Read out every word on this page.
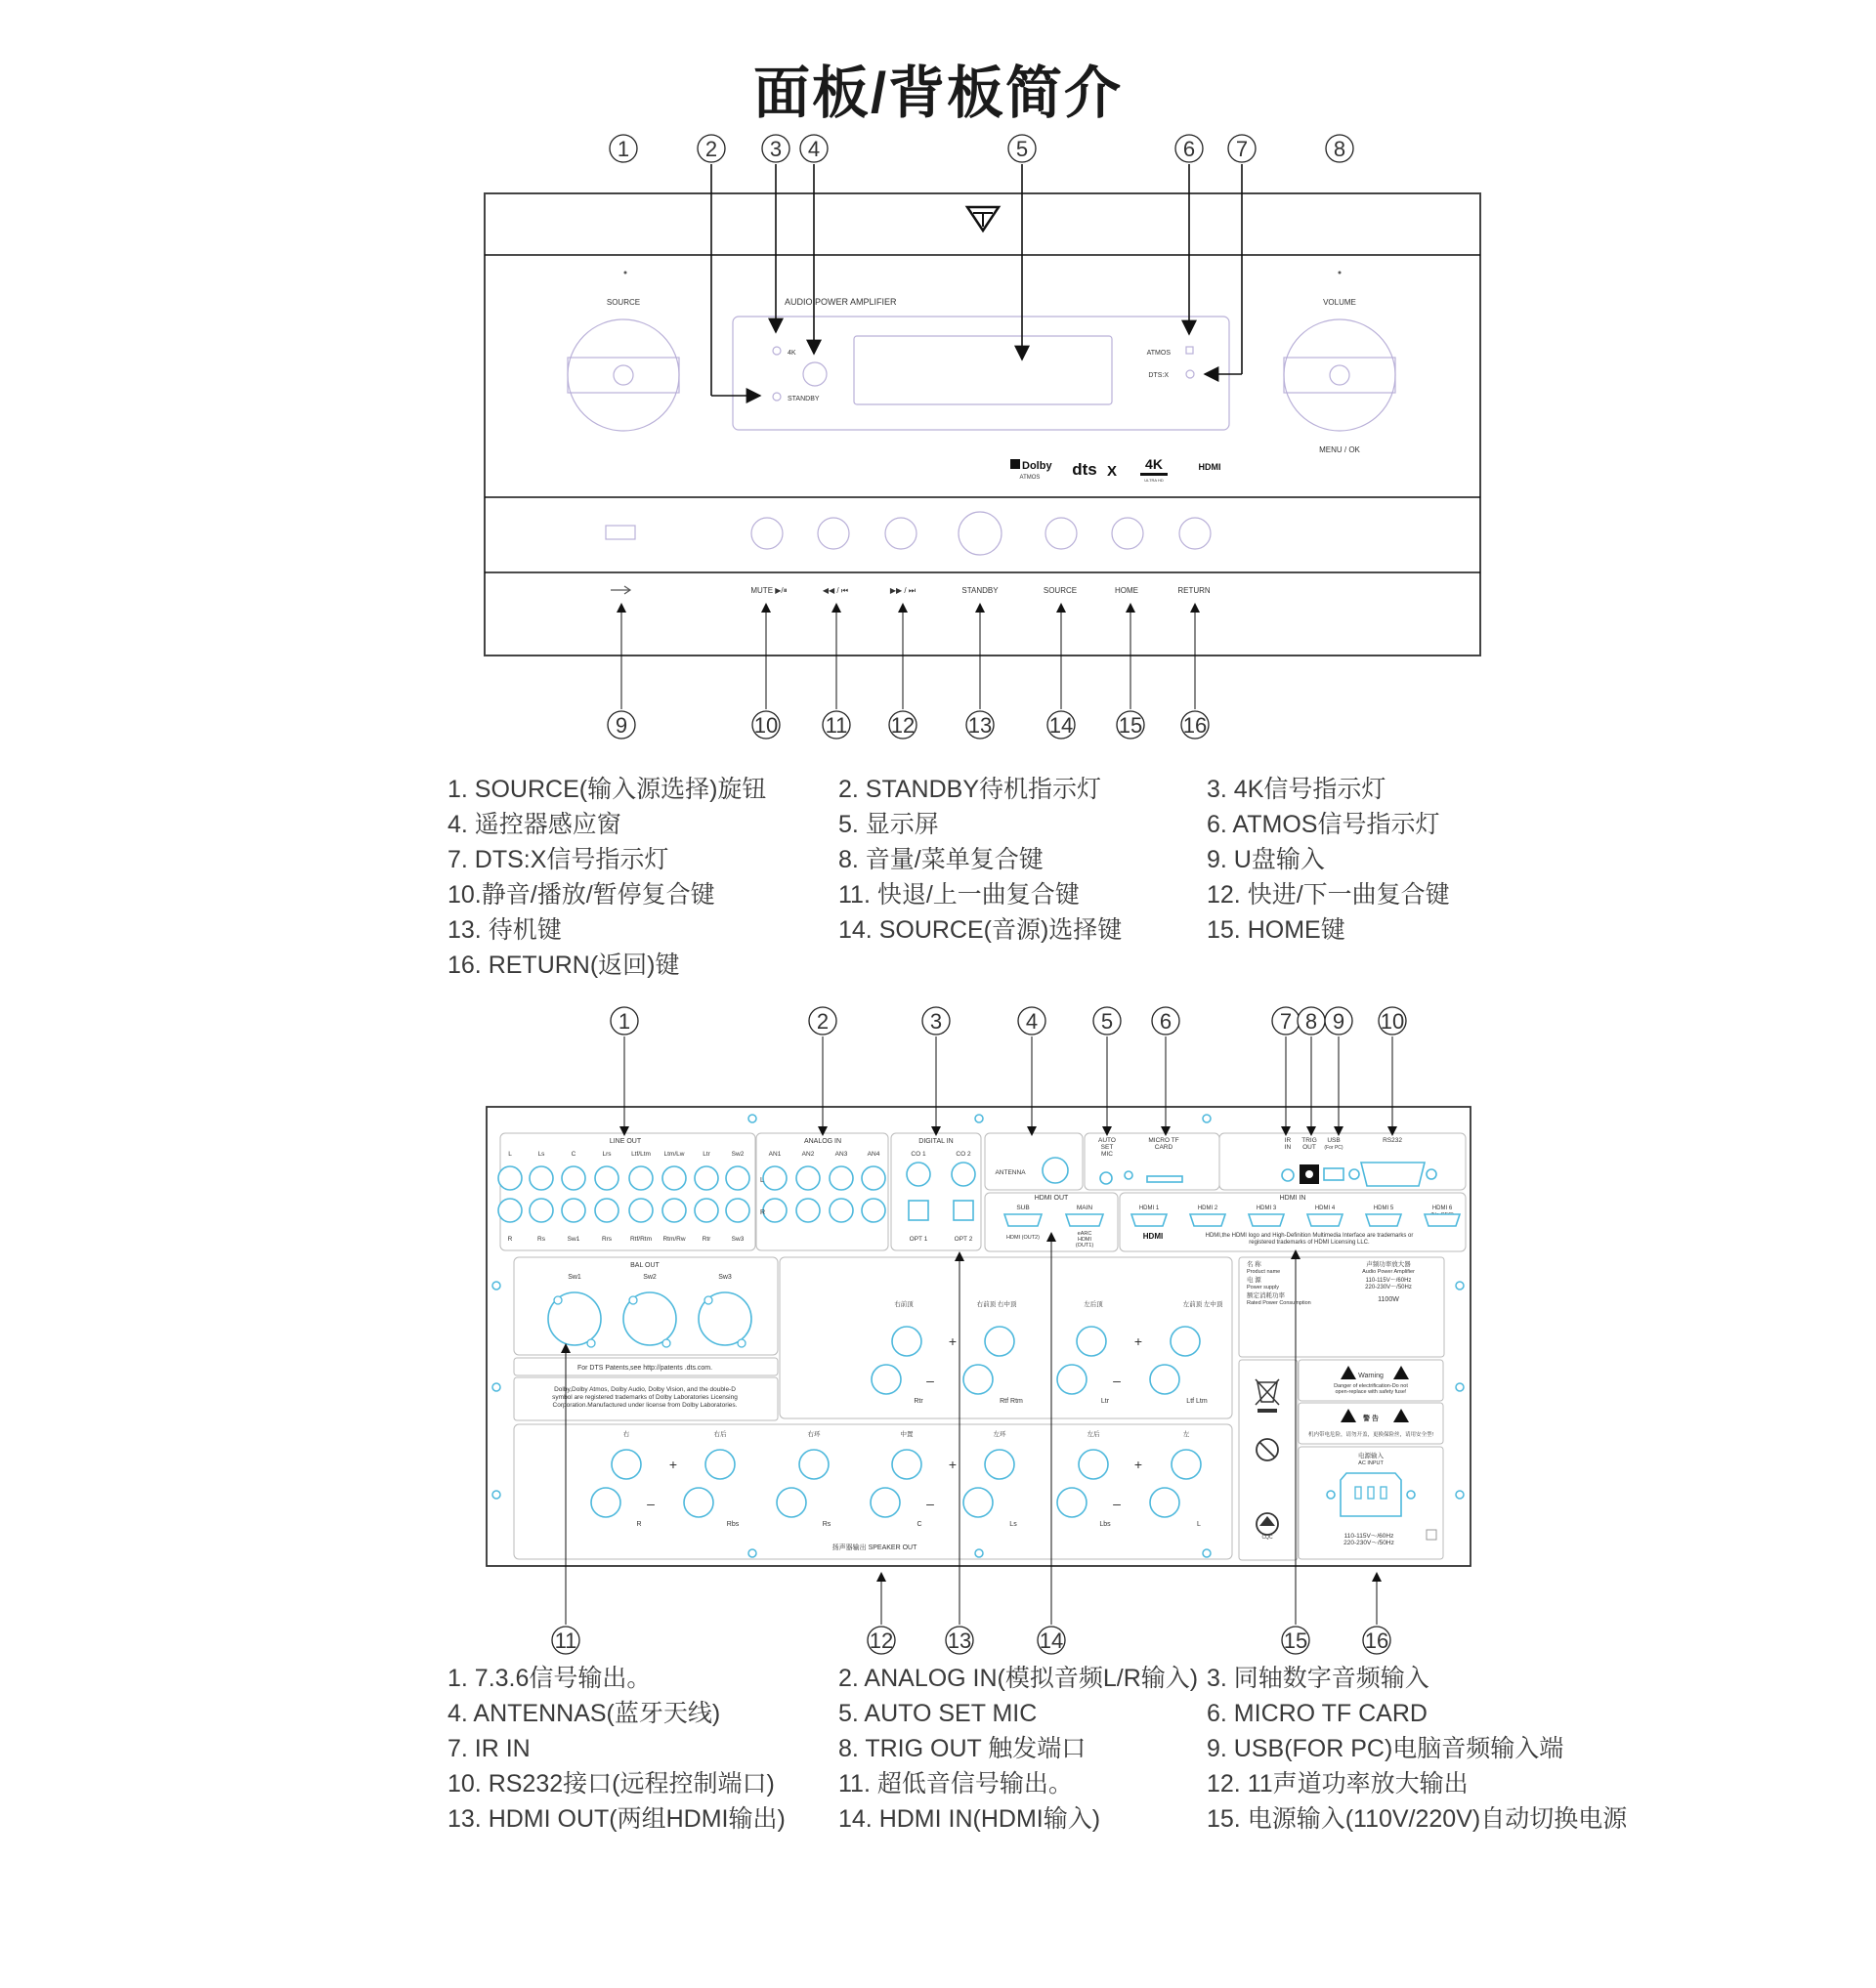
面板/背板简介
SOURCE	VOLUME
MENU / OK
AUDIO POWER AMPLIFIER
4K
STANDBY
ATMOS
DTS:X
Dolby
ATMOS dts X 4K
ULTRA HD
HDMI
MUTE ▶/⏸	◀◀ / ⏮	▶▶ / ⏭	STANDBY	SOURCE	HOME	RETURN
1	2 3 4	5	6 7	8
9	10 11 12 13	14 15 16
LINE OUT
L	Ls	C	Lrs	Ltf/Ltm Ltm/Lw	Ltr	Sw2
R	Rs	Sw1	Rrs	Rtf/Rtm Rtm/Rw	Rtr	Sw3
ANALOG IN
AN1	AN2	AN3	AN4
L
R
DIGITAL IN
CO 1	CO 2
OPT 1	OPT 2
ANTENNA
AUTO
SET
MIC
MICRO TF
CARD
IR
IN
TRIG
OUT
USB
(For PC)
RS232
HDMI OUT
SUB	MAIN
HDMI (OUT2)
eARC
HDMI
(OUT1)
HDMI IN
HDMI 1	HDMI 2	HDMI 3	HDMI 4	HDMI 5	HDMI 6
HDMI	HDMI,the HDMI logo and High-Definition Multimedia Interface are trademarks or
registered trademarks of HDMI Licensing LLC.
BAL OUT
Sw1	Sw2	Sw3
For DTS Patents,see http://patents .dts.com.
Dolby,Dolby Atmos, Dolby Audio, Dolby Vision, and the double-D
symbol are registered trademarks of Dolby Laboratories Licensing
Corporation.Manufactured under license from Dolby Laboratories.
右前顶	右前顶 右中顶	左后顶	左前顶 左中顶
+	+
–	–
Rtr	Rtf Rtm	Ltr	Ltf Ltm
右	右后	右环	中置	左环	左后	左
+	+	+
–	–	–
R	Rbs	Rs	C	Ls	Lbs	L
扬声器输出 SPEAKER OUT
名 称
Product name
声频功率放大器
Audio Power Amplifier
电 源
Power supply
110-115V～/60Hz
220-230V～/50Hz
额定消耗功率
Rated Power Consumption	1100W
CQC
Warning
Danger of electrification-Do not
open-replace with safety fuse!
警 告
机内带电危险，请勿开盖，更换保险丝，请用安全型!
电源输入
AC INPUT
110-115V～/60Hz
220-230V～/50Hz
1	2	3	4	5 6	7 8 9 10
11	12	13	14	15	16
1. SOURCE(输入源选择)旋钮	2. STANDBY待机指示灯	3. 4K信号指示灯
4. 遥控器感应窗	5. 显示屏	6. ATMOS信号指示灯
7. DTS:X信号指示灯	8. 音量/菜单复合键	9. U盘输入
10.静音/播放/暂停复合键	11. 快退/上一曲复合键	12. 快进/下一曲复合键
13. 待机键	14. SOURCE(音源)选择键	15. HOME键
16. RETURN(返回)键
1. 7.3.6信号输出。	2. ANALOG IN(模拟音频L/R输入) 3. 同轴数字音频输入
4. ANTENNAS(蓝牙天线)	5. AUTO SET MIC	6. MICRO TF CARD
7. IR IN	8. TRIG OUT 触发端口	9. USB(FOR PC)电脑音频输入端
10. RS232接口(远程控制端口)	11. 超低音信号输出。	12. 11声道功率放大输出
13. HDMI OUT(两组HDMI输出) 14. HDMI IN(HDMI输入)	15. 电源输入(110V/220V)自动切换电源
